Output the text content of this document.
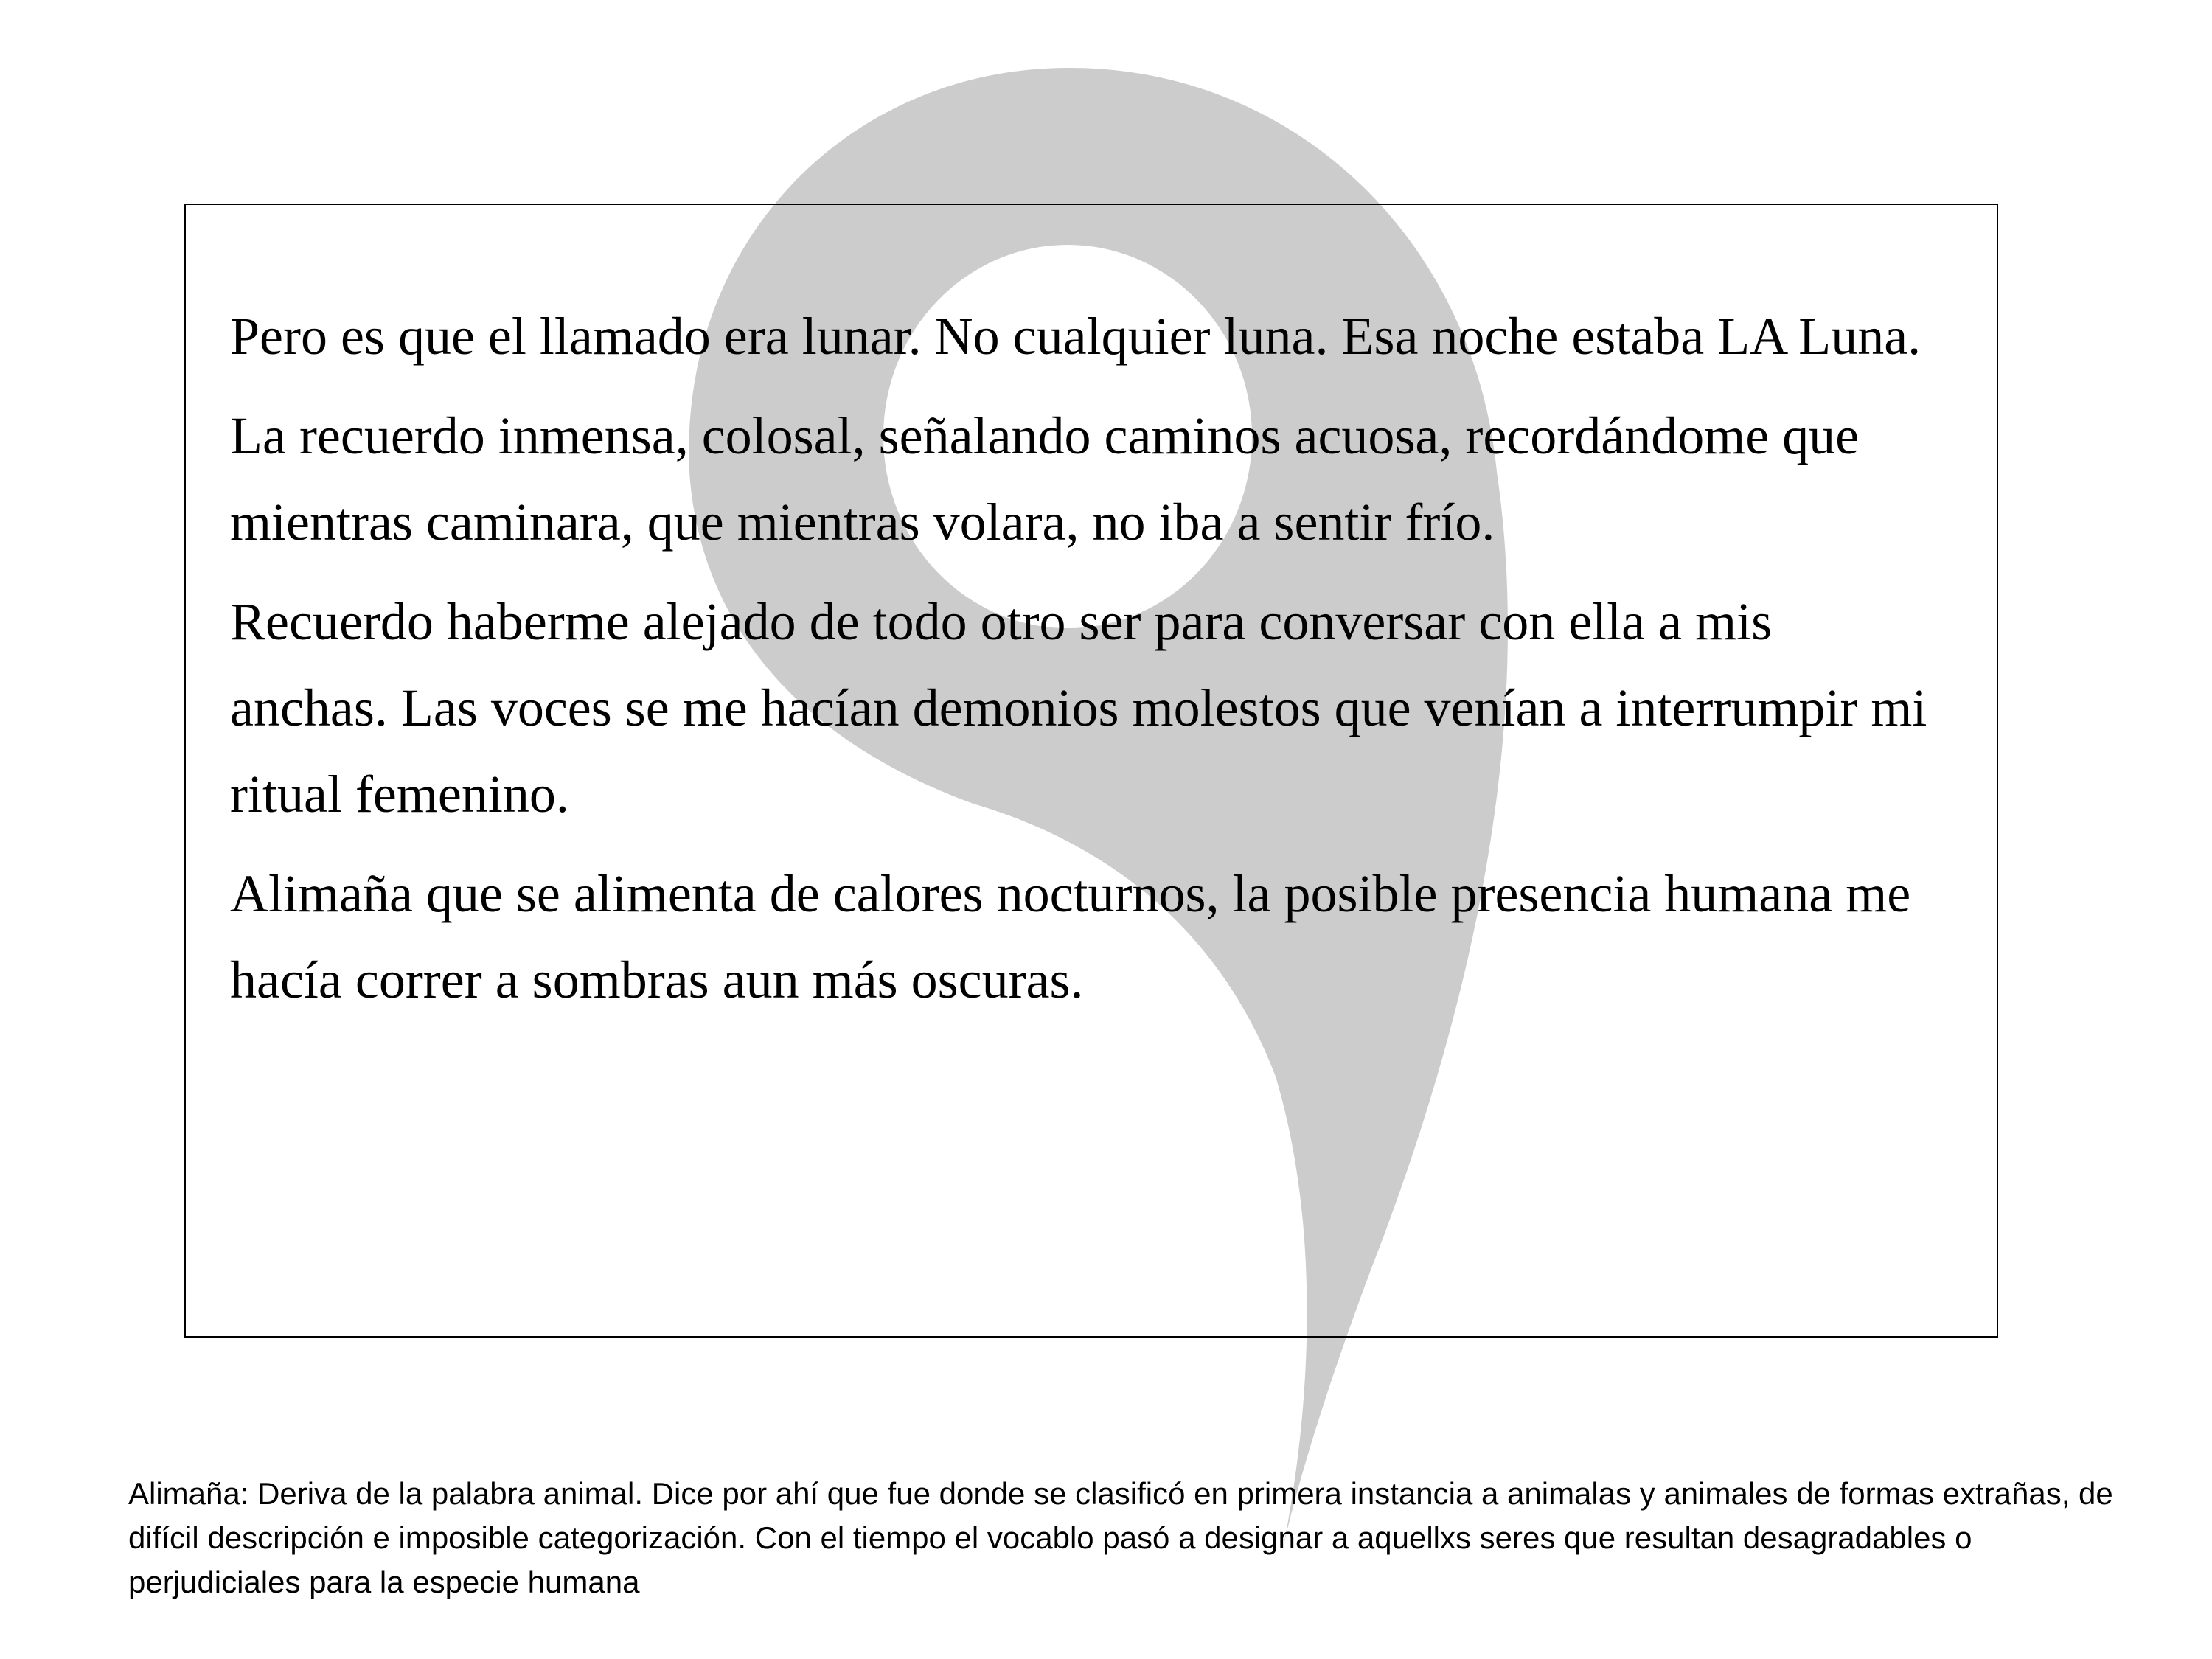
Pero es que el llamado era lunar. No cualquier luna. Esa noche estaba LA Luna.

La recuerdo inmensa, colosal, señalando caminos acuosa, recordándome que mientras caminara, que mientras volara, no iba a sentir frío.

Recuerdo haberme alejado de todo otro ser para conversar con ella a mis anchas. Las voces se me hacían demonios molestos que venían a interrumpir mi ritual femenino.

Alimaña que se alimenta de calores nocturnos, la posible presencia humana me hacía correr a sombras aun más oscuras.

Alimaña: Deriva de la palabra animal. Dice por ahí que fue donde se clasificó en primera instancia a animalas y animales de formas extrañas, de difícil descripción e imposible categorización. Con el tiempo el vocablo pasó a designar a aquellxs seres que resultan desagradables o perjudiciales para la especie humana
